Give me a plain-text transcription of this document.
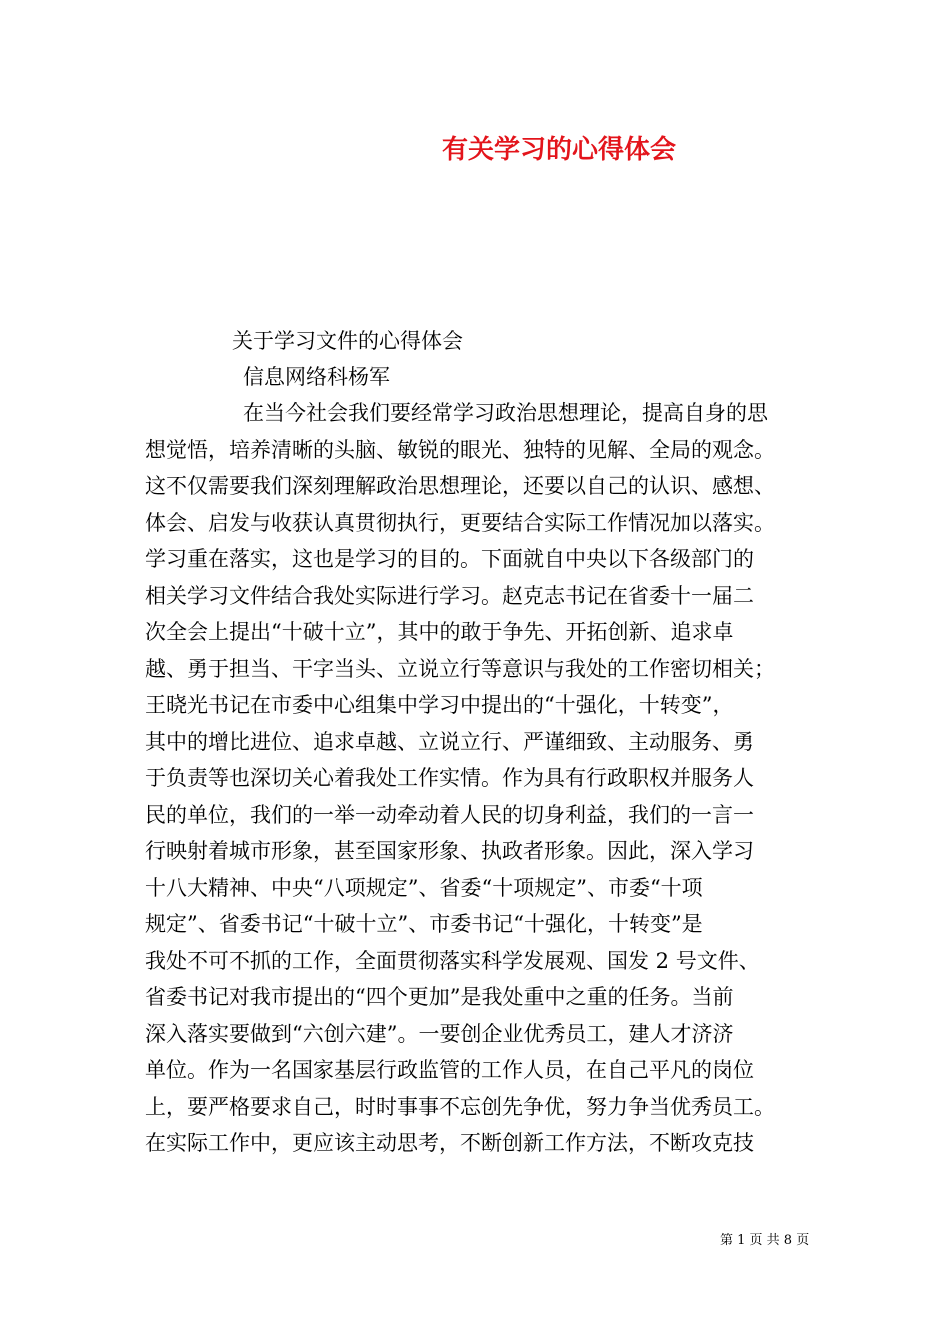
有关学习的心得体会
关于学习文件的心得体会
信息网络科杨军
在当今社会我们要经常学习政治思想理论，提高自身的思
想觉悟，培养清晰的头脑、敏锐的眼光、独特的见解、全局的观念。
这不仅需要我们深刻理解政治思想理论，还要以自己的认识、感想、
体会、启发与收获认真贯彻执行，更要结合实际工作情况加以落实。
学习重在落实，这也是学习的目的。下面就自中央以下各级部门的
相关学习文件结合我处实际进行学习。赵克志书记在省委十一届二
次全会上提出“十破十立”，其中的敢于争先、开拓创新、追求卓
越、勇于担当、干字当头、立说立行等意识与我处的工作密切相关；
王晓光书记在市委中心组集中学习中提出的“十强化，十转变”，
其中的增比进位、追求卓越、立说立行、严谨细致、主动服务、勇
于负责等也深切关心着我处工作实情。作为具有行政职权并服务人
民的单位，我们的一举一动牵动着人民的切身利益，我们的一言一
行映射着城市形象，甚至国家形象、执政者形象。因此，深入学习
十八大精神、中央“八项规定”、省委“十项规定”、市委“十项
规定”、省委书记“十破十立”、市委书记“十强化，十转变”是
我处不可不抓的工作，全面贯彻落实科学发展观、国发 2 号文件、
省委书记对我市提出的“四个更加”是我处重中之重的任务。当前
深入落实要做到“六创六建”。一要创企业优秀员工，建人才济济
单位。作为一名国家基层行政监管的工作人员，在自己平凡的岗位
上，要严格要求自己，时时事事不忘创先争优，努力争当优秀员工。
在实际工作中，更应该主动思考，不断创新工作方法，不断攻克技
第 1 页 共 8 页
